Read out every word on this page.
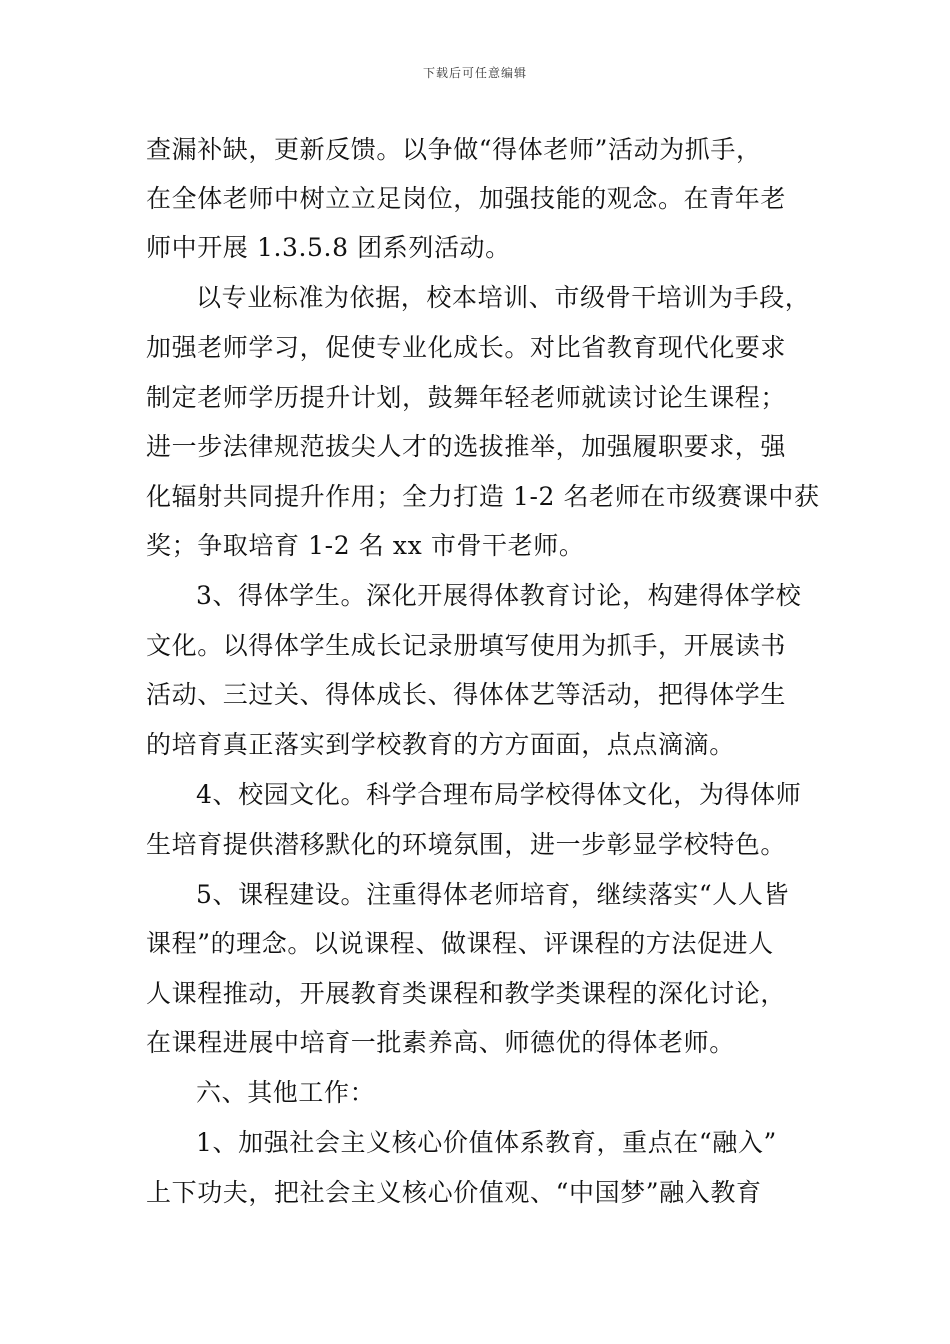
下载后可任意编辑
查漏补缺，更新反馈。以争做“得体老师”活动为抓手，
在全体老师中树立立足岗位，加强技能的观念。在青年老
师中开展 1.3.5.8 团系列活动。
以专业标准为依据，校本培训、市级骨干培训为手段，
加强老师学习，促使专业化成长。对比省教育现代化要求
制定老师学历提升计划，鼓舞年轻老师就读讨论生课程；
进一步法律规范拔尖人才的选拔推举，加强履职要求，强
化辐射共同提升作用；全力打造 1-2 名老师在市级赛课中获
奖；争取培育 1-2 名 xx 市骨干老师。
3、得体学生。深化开展得体教育讨论，构建得体学校
文化。以得体学生成长记录册填写使用为抓手，开展读书
活动、三过关、得体成长、得体体艺等活动，把得体学生
的培育真正落实到学校教育的方方面面，点点滴滴。
4、校园文化。科学合理布局学校得体文化，为得体师
生培育提供潜移默化的环境氛围，进一步彰显学校特色。
5、课程建设。注重得体老师培育，继续落实“人人皆
课程”的理念。以说课程、做课程、评课程的方法促进人
人课程推动，开展教育类课程和教学类课程的深化讨论，
在课程进展中培育一批素养高、师德优的得体老师。
六、其他工作：
1、加强社会主义核心价值体系教育，重点在“融入”
上下功夫，把社会主义核心价值观、“中国梦”融入教育
